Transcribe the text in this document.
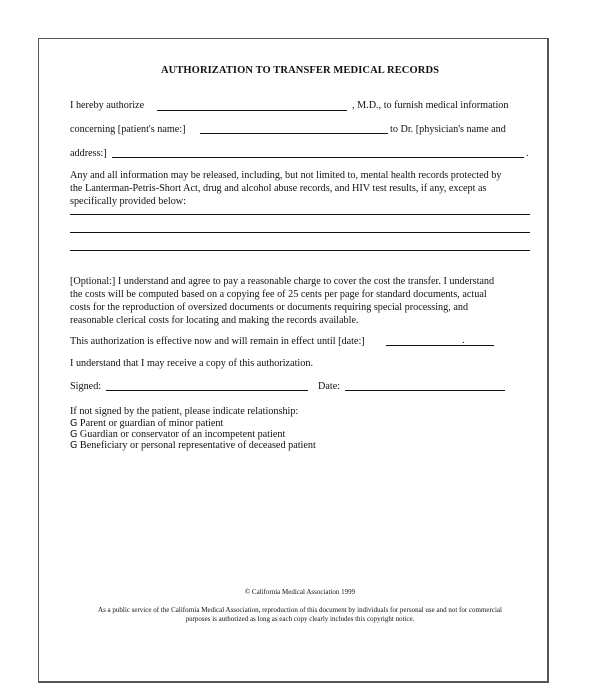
AUTHORIZATION TO TRANSFER MEDICAL RECORDS
I hereby authorize	, M.D., to furnish medical information
concerning [patient's name:]	to Dr. [physician's name and
address:]	.
Any and all information may be released, including, but not limited to, mental health records protected by
the Lanterman-Petris-Short Act, drug and alcohol abuse records, and HIV test results, if any, except as
specifically provided below:
[Optional:] I understand and agree to pay a reasonable charge to cover the cost the transfer. I understand
the costs will be computed based on a copying fee of 25 cents per page for standard documents, actual
costs for the reproduction of oversized documents or documents requiring special processing, and
reasonable clerical costs for locating and making the records available.
This authorization is effective now and will remain in effect until [date:]	.
I understand that I may receive a copy of this authorization.
Signed:	Date:
If not signed by the patient, please indicate relationship:
G Parent or guardian of minor patient
G Guardian or conservator of an incompetent patient
G Beneficiary or personal representative of deceased patient
© California Medical Association 1999
As a public service of the California Medical Association, reproduction of this document by individuals for personal use and not for commercial
purposes is authorized as long as each copy clearly includes this copyright notice.
